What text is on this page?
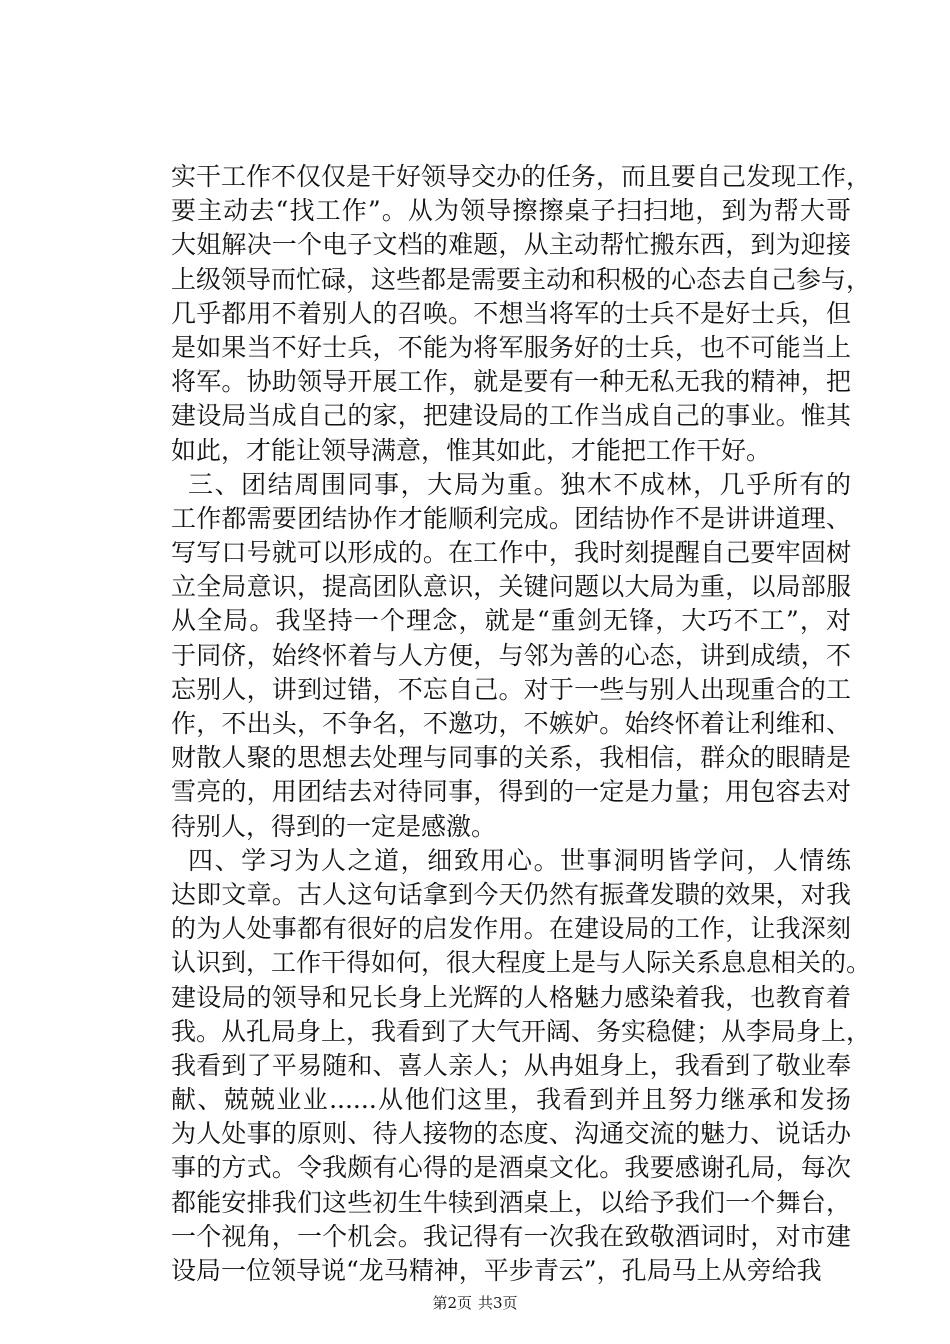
实干工作不仅仅是干好领导交办的任务，而且要自己发现工作，
要主动去“找工作”。从为领导擦擦桌子扫扫地，到为帮大哥
大姐解决一个电子文档的难题，从主动帮忙搬东西，到为迎接
上级领导而忙碌，这些都是需要主动和积极的心态去自己参与，
几乎都用不着别人的召唤。不想当将军的士兵不是好士兵，但
是如果当不好士兵，不能为将军服务好的士兵，也不可能当上
将军。协助领导开展工作，就是要有一种无私无我的精神，把
建设局当成自己的家，把建设局的工作当成自己的事业。惟其
如此，才能让领导满意，惟其如此，才能把工作干好。
三、团结周围同事，大局为重。独木不成林，几乎所有的
工作都需要团结协作才能顺利完成。团结协作不是讲讲道理、
写写口号就可以形成的。在工作中，我时刻提醒自己要牢固树
立全局意识，提高团队意识，关键问题以大局为重，以局部服
从全局。我坚持一个理念，就是“重剑无锋，大巧不工”，对
于同侪，始终怀着与人方便，与邻为善的心态，讲到成绩，不
忘别人，讲到过错，不忘自己。对于一些与别人出现重合的工
作，不出头，不争名，不邀功，不嫉妒。始终怀着让利维和、
财散人聚的思想去处理与同事的关系，我相信，群众的眼睛是
雪亮的，用团结去对待同事，得到的一定是力量；用包容去对
待别人，得到的一定是感激。
四、学习为人之道，细致用心。世事洞明皆学问，人情练
达即文章。古人这句话拿到今天仍然有振聋发聩的效果，对我
的为人处事都有很好的启发作用。在建设局的工作，让我深刻
认识到，工作干得如何，很大程度上是与人际关系息息相关的。
建设局的领导和兄长身上光辉的人格魅力感染着我，也教育着
我。从孔局身上，我看到了大气开阔、务实稳健；从李局身上，
我看到了平易随和、喜人亲人；从冉姐身上，我看到了敬业奉
献、兢兢业业......从他们这里，我看到并且努力继承和发扬
为人处事的原则、待人接物的态度、沟通交流的魅力、说话办
事的方式。令我颇有心得的是酒桌文化。我要感谢孔局，每次
都能安排我们这些初生牛犊到酒桌上，以给予我们一个舞台，
一个视角，一个机会。我记得有一次我在致敬酒词时，对市建
设局一位领导说“龙马精神，平步青云”，孔局马上从旁给我
第2页 共3页
